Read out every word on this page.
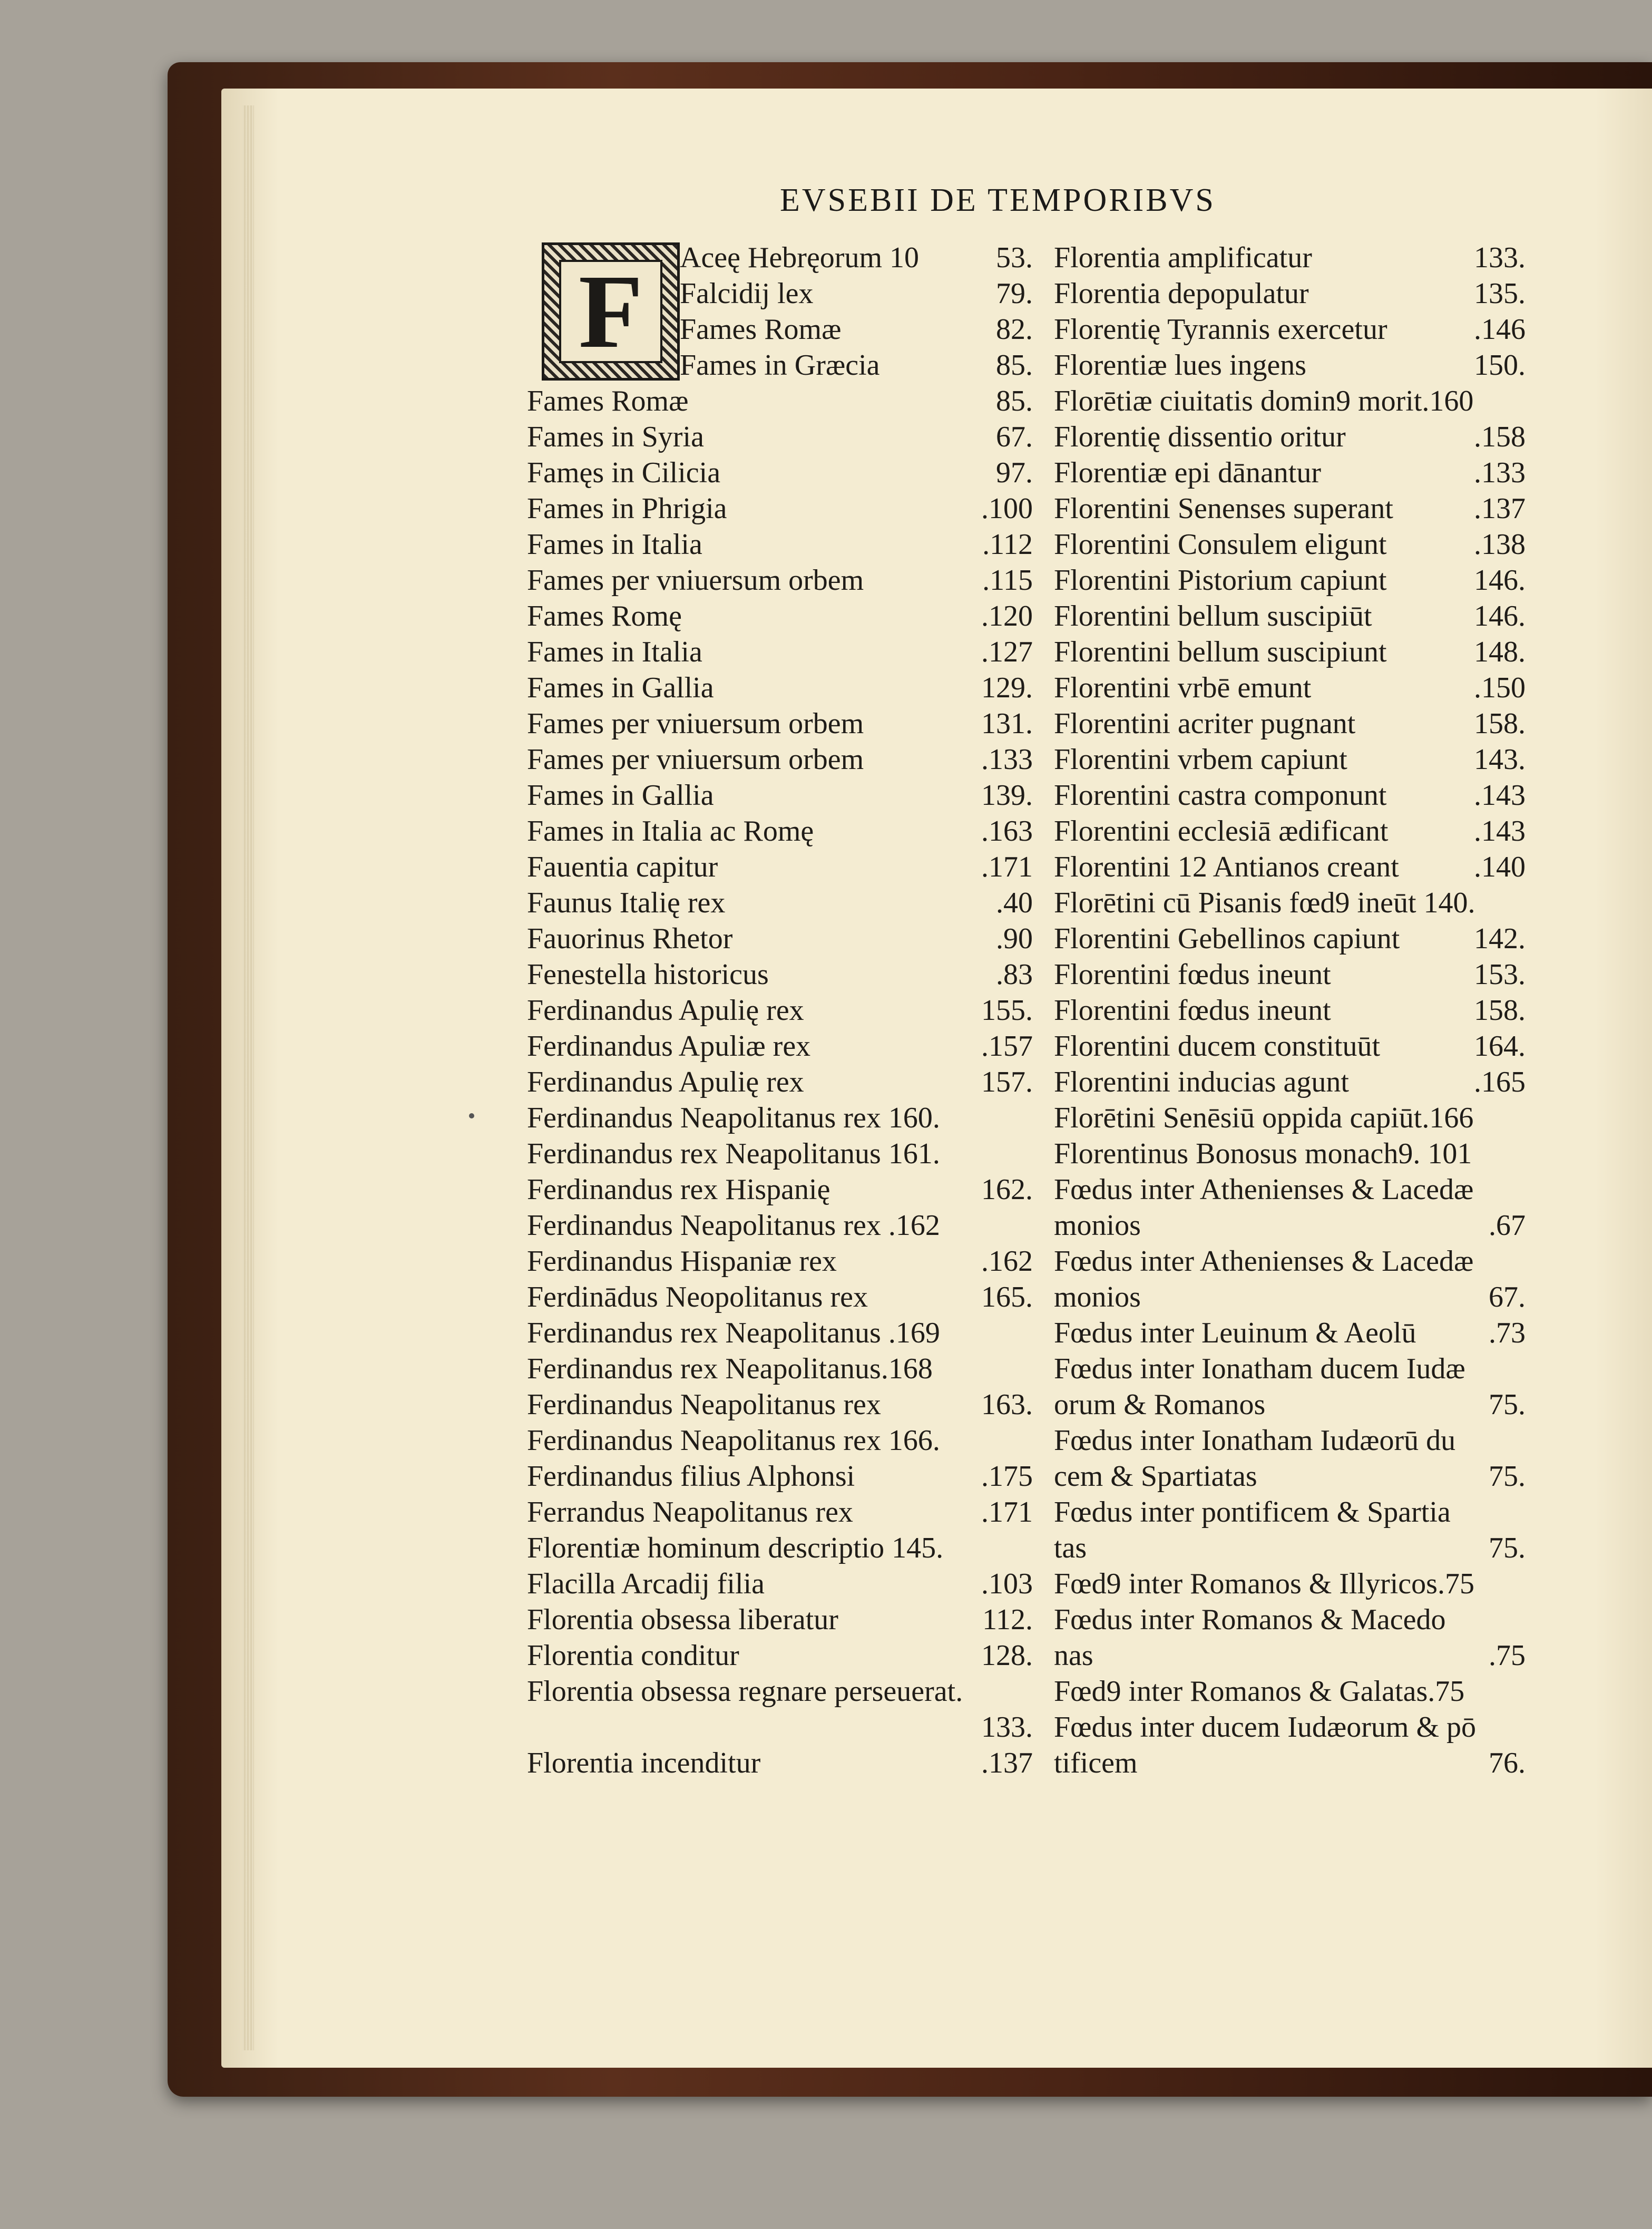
EVSEBII DE TEMPORIBVS
F	Aceę Hebręorum 10	53.
Falcidij lex	79.
Fames Romæ	82.
Fames in Græcia	85.
Fames Romæ	85.
Fames in Syria	67.
Famęs in Cilicia	97.
Fames in Phrigia	.100
Fames in Italia	.112
Fames per vniuersum orbem	.115
Fames Romę	.120
Fames in Italia	.127
Fames in Gallia	129.
Fames per vniuersum orbem	131.
Fames per vniuersum orbem	.133
Fames in Gallia	139.
Fames in Italia ac Romę	.163
Fauentia capitur	.171
Faunus Italię rex	.40
Fauorinus Rhetor	.90
Fenestella historicus	.83
Ferdinandus Apulię rex	155.
Ferdinandus Apuliæ rex	.157
Ferdinandus Apulię rex	157.
Ferdinandus Neapolitanus rex 160.
Ferdinandus rex Neapolitanus 161.
Ferdinandus rex Hispanię	162.
Ferdinandus Neapolitanus rex .162
Ferdinandus Hispaniæ rex	.162
Ferdinādus Neopolitanus rex	165.
Ferdinandus rex Neapolitanus .169
Ferdinandus rex Neapolitanus.168
Ferdinandus Neapolitanus rex	163.
Ferdinandus Neapolitanus rex 166.
Ferdinandus filius Alphonsi	.175
Ferrandus Neapolitanus rex	.171
Florentiæ hominum descriptio 145.
Flacilla Arcadij filia	.103
Florentia obsessa liberatur	112.
Florentia conditur	128.
Florentia obsessa regnare perseuerat.
133.
Florentia incenditur	.137
Florentia amplificatur	133.
Florentia depopulatur	135.
Florentię Tyrannis exercetur	.146
Florentiæ lues ingens	150.
Florētiæ ciuitatis domin9 morit.160
Florentię dissentio oritur	.158
Florentiæ epi dānantur	.133
Florentini Senenses superant	.137
Florentini Consulem eligunt	.138
Florentini Pistorium capiunt	146.
Florentini bellum suscipiūt	146.
Florentini bellum suscipiunt	148.
Florentini vrbē emunt	.150
Florentini acriter pugnant	158.
Florentini vrbem capiunt	143.
Florentini castra componunt	.143
Florentini ecclesiā ædificant	.143
Florentini 12 Antianos creant	.140
Florētini cū Pisanis fœd9 ineūt 140.
Florentini Gebellinos capiunt	142.
Florentini fœdus ineunt	153.
Florentini fœdus ineunt	158.
Florentini ducem constituūt	164.
Florentini inducias agunt	.165
Florētini Senēsiū oppida capiūt.166
Florentinus Bonosus monach9. 101
Fœdus inter Athenienses & Lacedæ
monios	.67
Fœdus inter Athenienses & Lacedæ
monios	67.
Fœdus inter Leuinum & Aeolū	.73
Fœdus inter Ionatham ducem Iudæ
orum & Romanos	75.
Fœdus inter Ionatham Iudæorū du
cem & Spartiatas	75.
Fœdus inter pontificem & Spartia
tas	75.
Fœd9 inter Romanos & Illyricos.75
Fœdus inter Romanos & Macedo
nas	.75
Fœd9 inter Romanos & Galatas.75
Fœdus inter ducem Iudæorum & pō
tificem	76.
